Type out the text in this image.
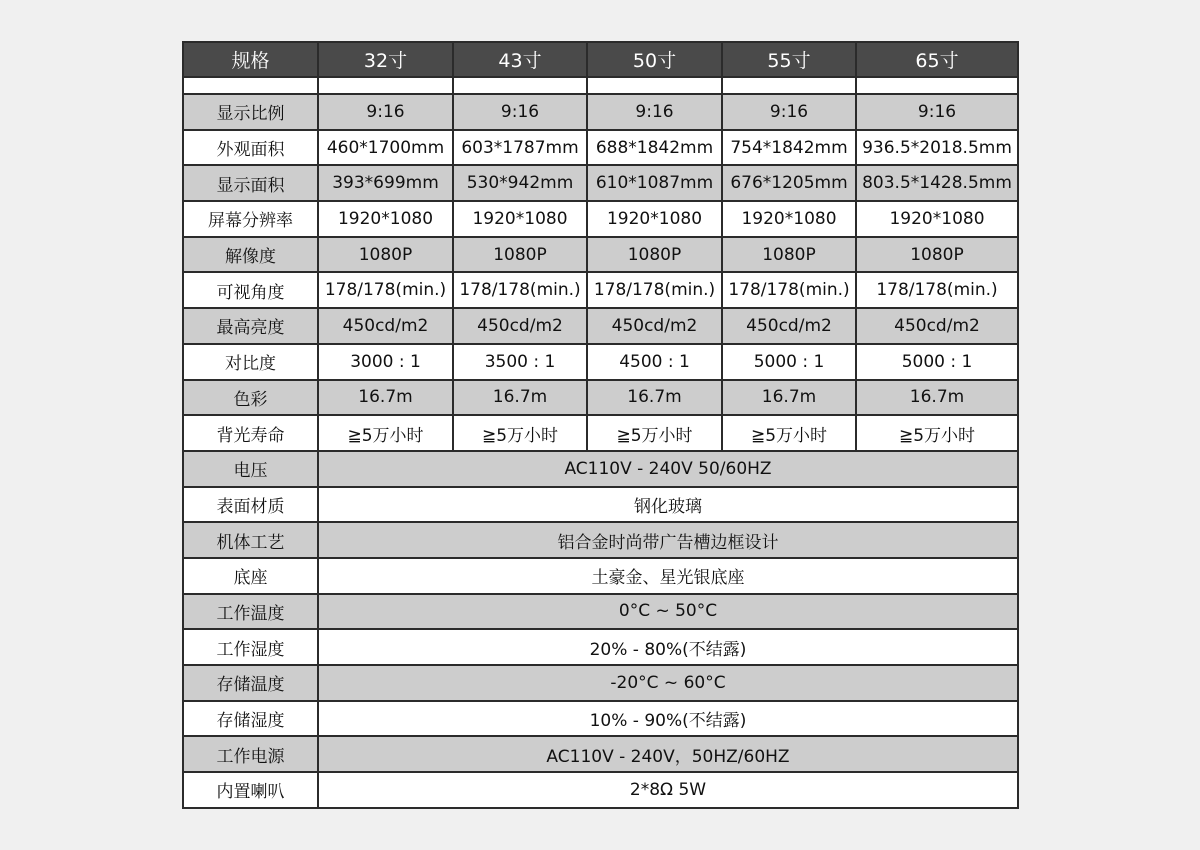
规格	32寸	43寸	50寸	55寸	65寸

显示比例	9:16	9:16	9:16	9:16	9:16
外观面积	460*1700mm	603*1787mm	688*1842mm	754*1842mm	936.5*2018.5mm
显示面积	393*699mm	530*942mm	610*1087mm	676*1205mm	803.5*1428.5mm
屏幕分辨率	1920*1080	1920*1080	1920*1080	1920*1080	1920*1080
解像度	1080P	1080P	1080P	1080P	1080P
可视角度	178/178(min.)	178/178(min.)	178/178(min.)	178/178(min.)	178/178(min.)
最高亮度	450cd/m2	450cd/m2	450cd/m2	450cd/m2	450cd/m2
对比度	3000 : 1	3500 : 1	4500 : 1	5000 : 1	5000 : 1
色彩	16.7m	16.7m	16.7m	16.7m	16.7m
背光寿命	≧5万小时	≧5万小时	≧5万小时	≧5万小时	≧5万小时
电压	AC110V - 240V 50/60HZ				
表面材质	钢化玻璃				
机体工艺	铝合金时尚带广告槽边框设计				
底座	土豪金、星光银底座				
工作温度	0°C ~ 50°C				
工作湿度	20% - 80%(不结露)				
存储温度	-20°C ~ 60°C				
存储湿度	10% - 90%(不结露)				
工作电源	AC110V - 240V，50HZ/60HZ				
内置喇叭	2*8Ω 5W				
